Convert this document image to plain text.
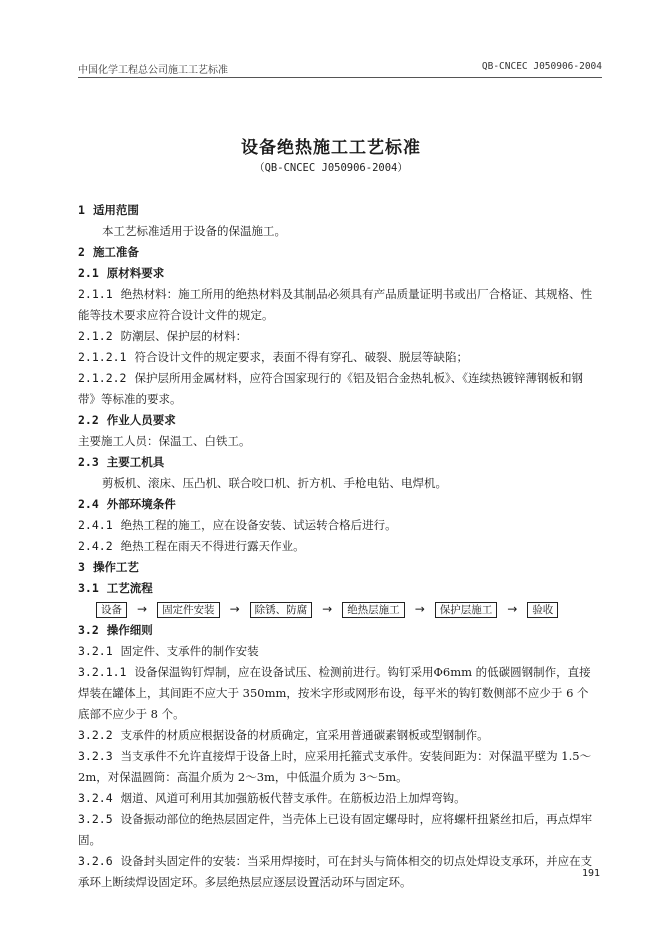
中国化学工程总公司施工工艺标准	QB-CNCEC J050906-2004
设备绝热施工工艺标准
（QB-CNCEC J050906-2004）

1 适用范围

本工艺标准适用于设备的保温施工。

2 施工准备

2.1 原材料要求

2.1.1 绝热材料：施工所用的绝热材料及其制品必须具有产品质量证明书或出厂合格证、其规格、性能等技术要求应符合设计文件的规定。

2.1.2 防潮层、保护层的材料：

2.1.2.1 符合设计文件的规定要求，表面不得有穿孔、破裂、脱层等缺陷；

2.1.2.2 保护层所用金属材料，应符合国家现行的《铝及铝合金热轧板》、《连续热镀锌薄钢板和钢带》等标准的要求。

2.2 作业人员要求

主要施工人员：保温工、白铁工。

2.3 主要工机具

剪板机、滚床、压凸机、联合咬口机、折方机、手枪电钻、电焊机。

2.4 外部环境条件

2.4.1 绝热工程的施工，应在设备安装、试运转合格后进行。

2.4.2 绝热工程在雨天不得进行露天作业。

3 操作工艺

3.1 工艺流程

设备	→	固定件安装	→	除锈、防腐	→	绝热层施工	→	保护层施工	→	验收

3.2 操作细则

3.2.1 固定件、支承件的制作安装

3.2.1.1 设备保温钩钉焊制，应在设备试压、检测前进行。钩钉采用Φ6mm 的低碳圆钢制作，直接焊装在罐体上，其间距不应大于 350mm，按米字形或网形布设，每平米的钩钉数侧部不应少于 6 个底部不应少于 8 个。

3.2.2 支承件的材质应根据设备的材质确定，宜采用普通碳素钢板或型钢制作。

3.2.3 当支承件不允许直接焊于设备上时，应采用托箍式支承件。安装间距为：对保温平壁为 1.5～2m，对保温圆筒：高温介质为 2～3m，中低温介质为 3～5m。

3.2.4 烟道、风道可利用其加强筋板代替支承件。在筋板边沿上加焊弯钩。

3.2.5 设备振动部位的绝热层固定件，当壳体上已设有固定螺母时，应将螺杆扭紧丝扣后，再点焊牢固。

3.2.6 设备封头固定件的安装：当采用焊接时，可在封头与筒体相交的切点处焊设支承环，并应在支承环上断续焊设固定环。多层绝热层应逐层设置活动环与固定环。

191
